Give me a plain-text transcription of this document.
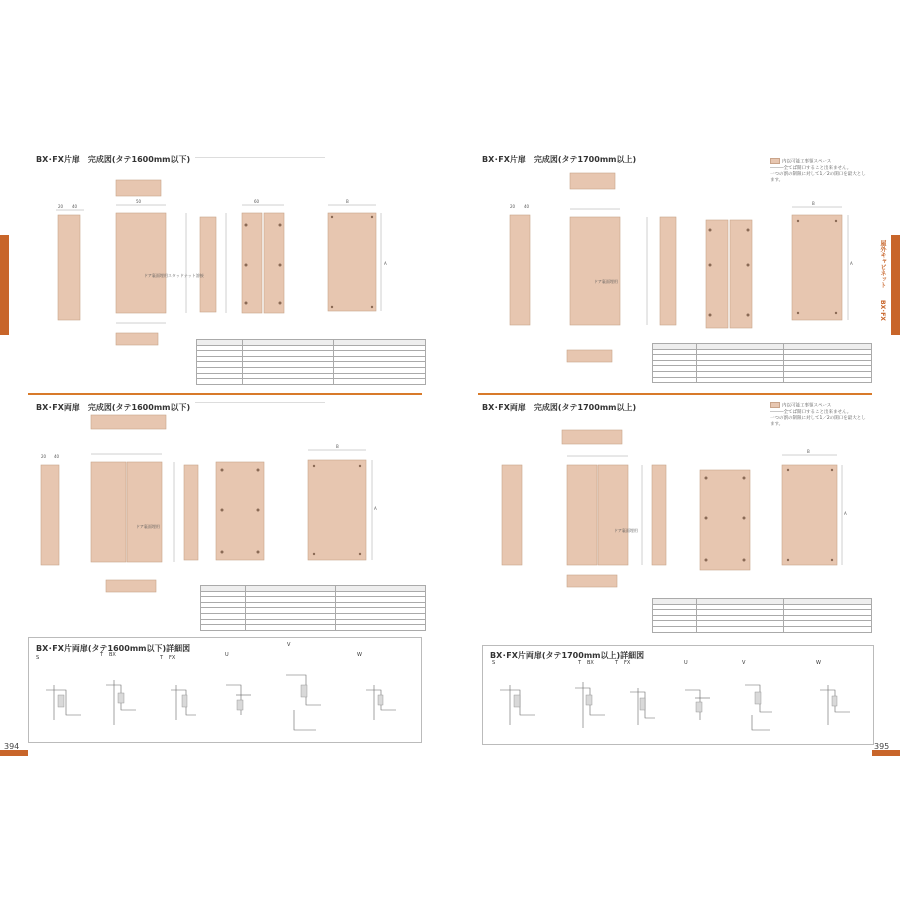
屋外キャビネット
BX･FX
BX･FX片扉　完成図(タテ1600mm以下)
BX･FX両扉　完成図(タテ1600mm以下)
ドア裏面埋用スタッドナット溶接
B
A
20 40
50	60

ドア裏面埋用
B
A
20 40

BX･FX片両扉(タテ1600mm以下)詳細図
S	T BX	T FX	U
V
W
394
BX･FX片扉　完成図(タテ1700mm以上)
BX･FX両扉　完成図(タテ1700mm以上)
内以可能工事領スペース
―――全てば開口すること出来ません。
一つの割の制限に対して1／2の開口を最大とします。
内以可能工事領スペース
―――全てば開口すること出来ません。
一つの割の制限に対して1／2の開口を最大とします。
ドア裏面埋用
B
A
20 40

ドア裏面埋用
B
A

BX･FX片両扉(タテ1700mm以上)詳細図
S	T BX	T FX	U	V	W
395
